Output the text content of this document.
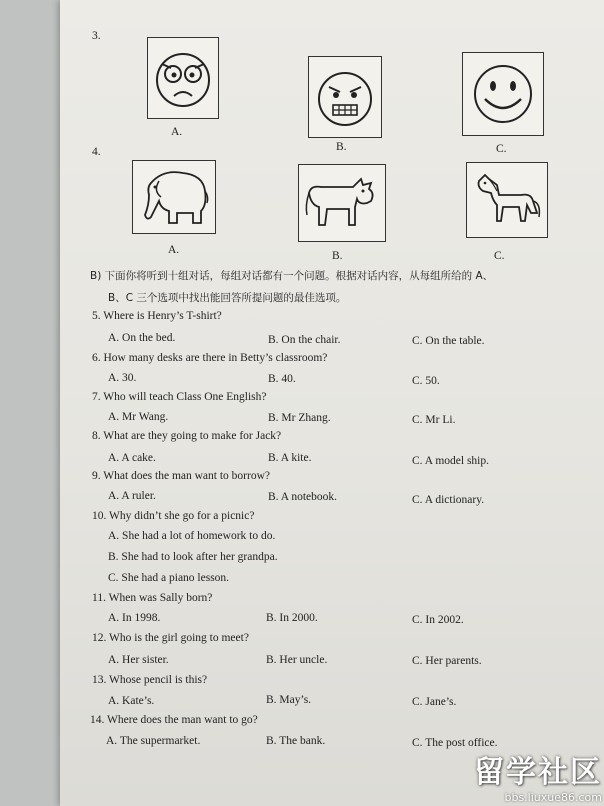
3.
A.
B.	C.
4.
A.	B.	C.
B) 下面你将听到十组对话，每组对话都有一个问题。根据对话内容，从每组所给的 A、
B、C 三个选项中找出能回答所提问题的最佳选项。
5. Where is Henry’s T-shirt?
A. On the bed.	B. On the chair.	C. On the table.
6. How many desks are there in Betty’s classroom?
A. 30.	B. 40.	C. 50.
7. Who will teach Class One English?
A. Mr Wang.	B. Mr Zhang.	C. Mr Li.
8. What are they going to make for Jack?
A. A cake.	B. A kite.	C. A model ship.
9. What does the man want to borrow?
A. A ruler.	B. A notebook.	C. A dictionary.
10. Why didn’t she go for a picnic?
A. She had a lot of homework to do.
B. She had to look after her grandpa.
C. She had a piano lesson.
11. When was Sally born?
A. In 1998.	B. In 2000.	C. In 2002.
12. Who is the girl going to meet?
A. Her sister.	B. Her uncle.	C. Her parents.
13. Whose pencil is this?
A. Kate’s.	B. May’s.	C. Jane’s.
14. Where does the man want to go?
A. The supermarket.	B. The bank.	C. The post office.
留学社区
bbs.liuxue86.com
